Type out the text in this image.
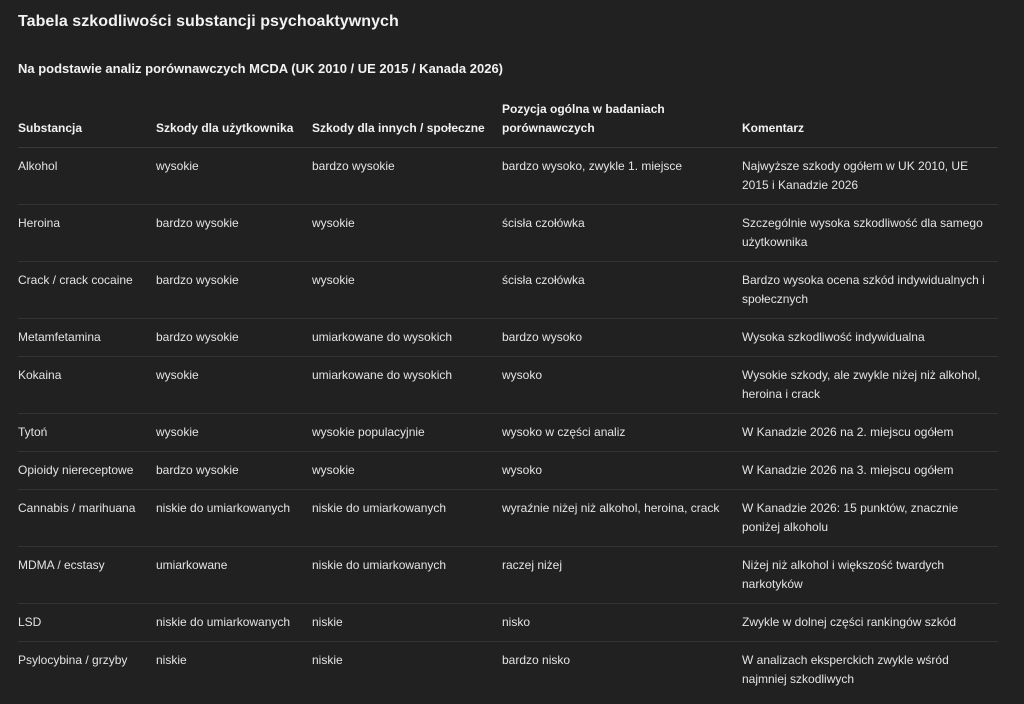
Tabela szkodliwości substancji psychoaktywnych
Na podstawie analiz porównawczych MCDA (UK 2010 / UE 2015 / Kanada 2026)
Substancja	Szkody dla użytkownika	Szkody dla innych / społeczne	Pozycja ogólna w badaniach porównawczych	Komentarz
Alkohol	wysokie	bardzo wysokie	bardzo wysoko, zwykle 1. miejsce	Najwyższe szkody ogółem w UK 2010, UE 2015 i Kanadzie 2026
Heroina	bardzo wysokie	wysokie	ścisła czołówka	Szczególnie wysoka szkodliwość dla samego użytkownika
Crack / crack cocaine	bardzo wysokie	wysokie	ścisła czołówka	Bardzo wysoka ocena szkód indywidualnych i społecznych
Metamfetamina	bardzo wysokie	umiarkowane do wysokich	bardzo wysoko	Wysoka szkodliwość indywidualna
Kokaina	wysokie	umiarkowane do wysokich	wysoko	Wysokie szkody, ale zwykle niżej niż alkohol, heroina i crack
Tytoń	wysokie	wysokie populacyjnie	wysoko w części analiz	W Kanadzie 2026 na 2. miejscu ogółem
Opioidy niereceptowe	bardzo wysokie	wysokie	wysoko	W Kanadzie 2026 na 3. miejscu ogółem
Cannabis / marihuana	niskie do umiarkowanych	niskie do umiarkowanych	wyraźnie niżej niż alkohol, heroina, crack	W Kanadzie 2026: 15 punktów, znacznie poniżej alkoholu
MDMA / ecstasy	umiarkowane	niskie do umiarkowanych	raczej niżej	Niżej niż alkohol i większość twardych narkotyków
LSD	niskie do umiarkowanych	niskie	nisko	Zwykle w dolnej części rankingów szkód
Psylocybina / grzyby	niskie	niskie	bardzo nisko	W analizach eksperckich zwykle wśród najmniej szkodliwych
